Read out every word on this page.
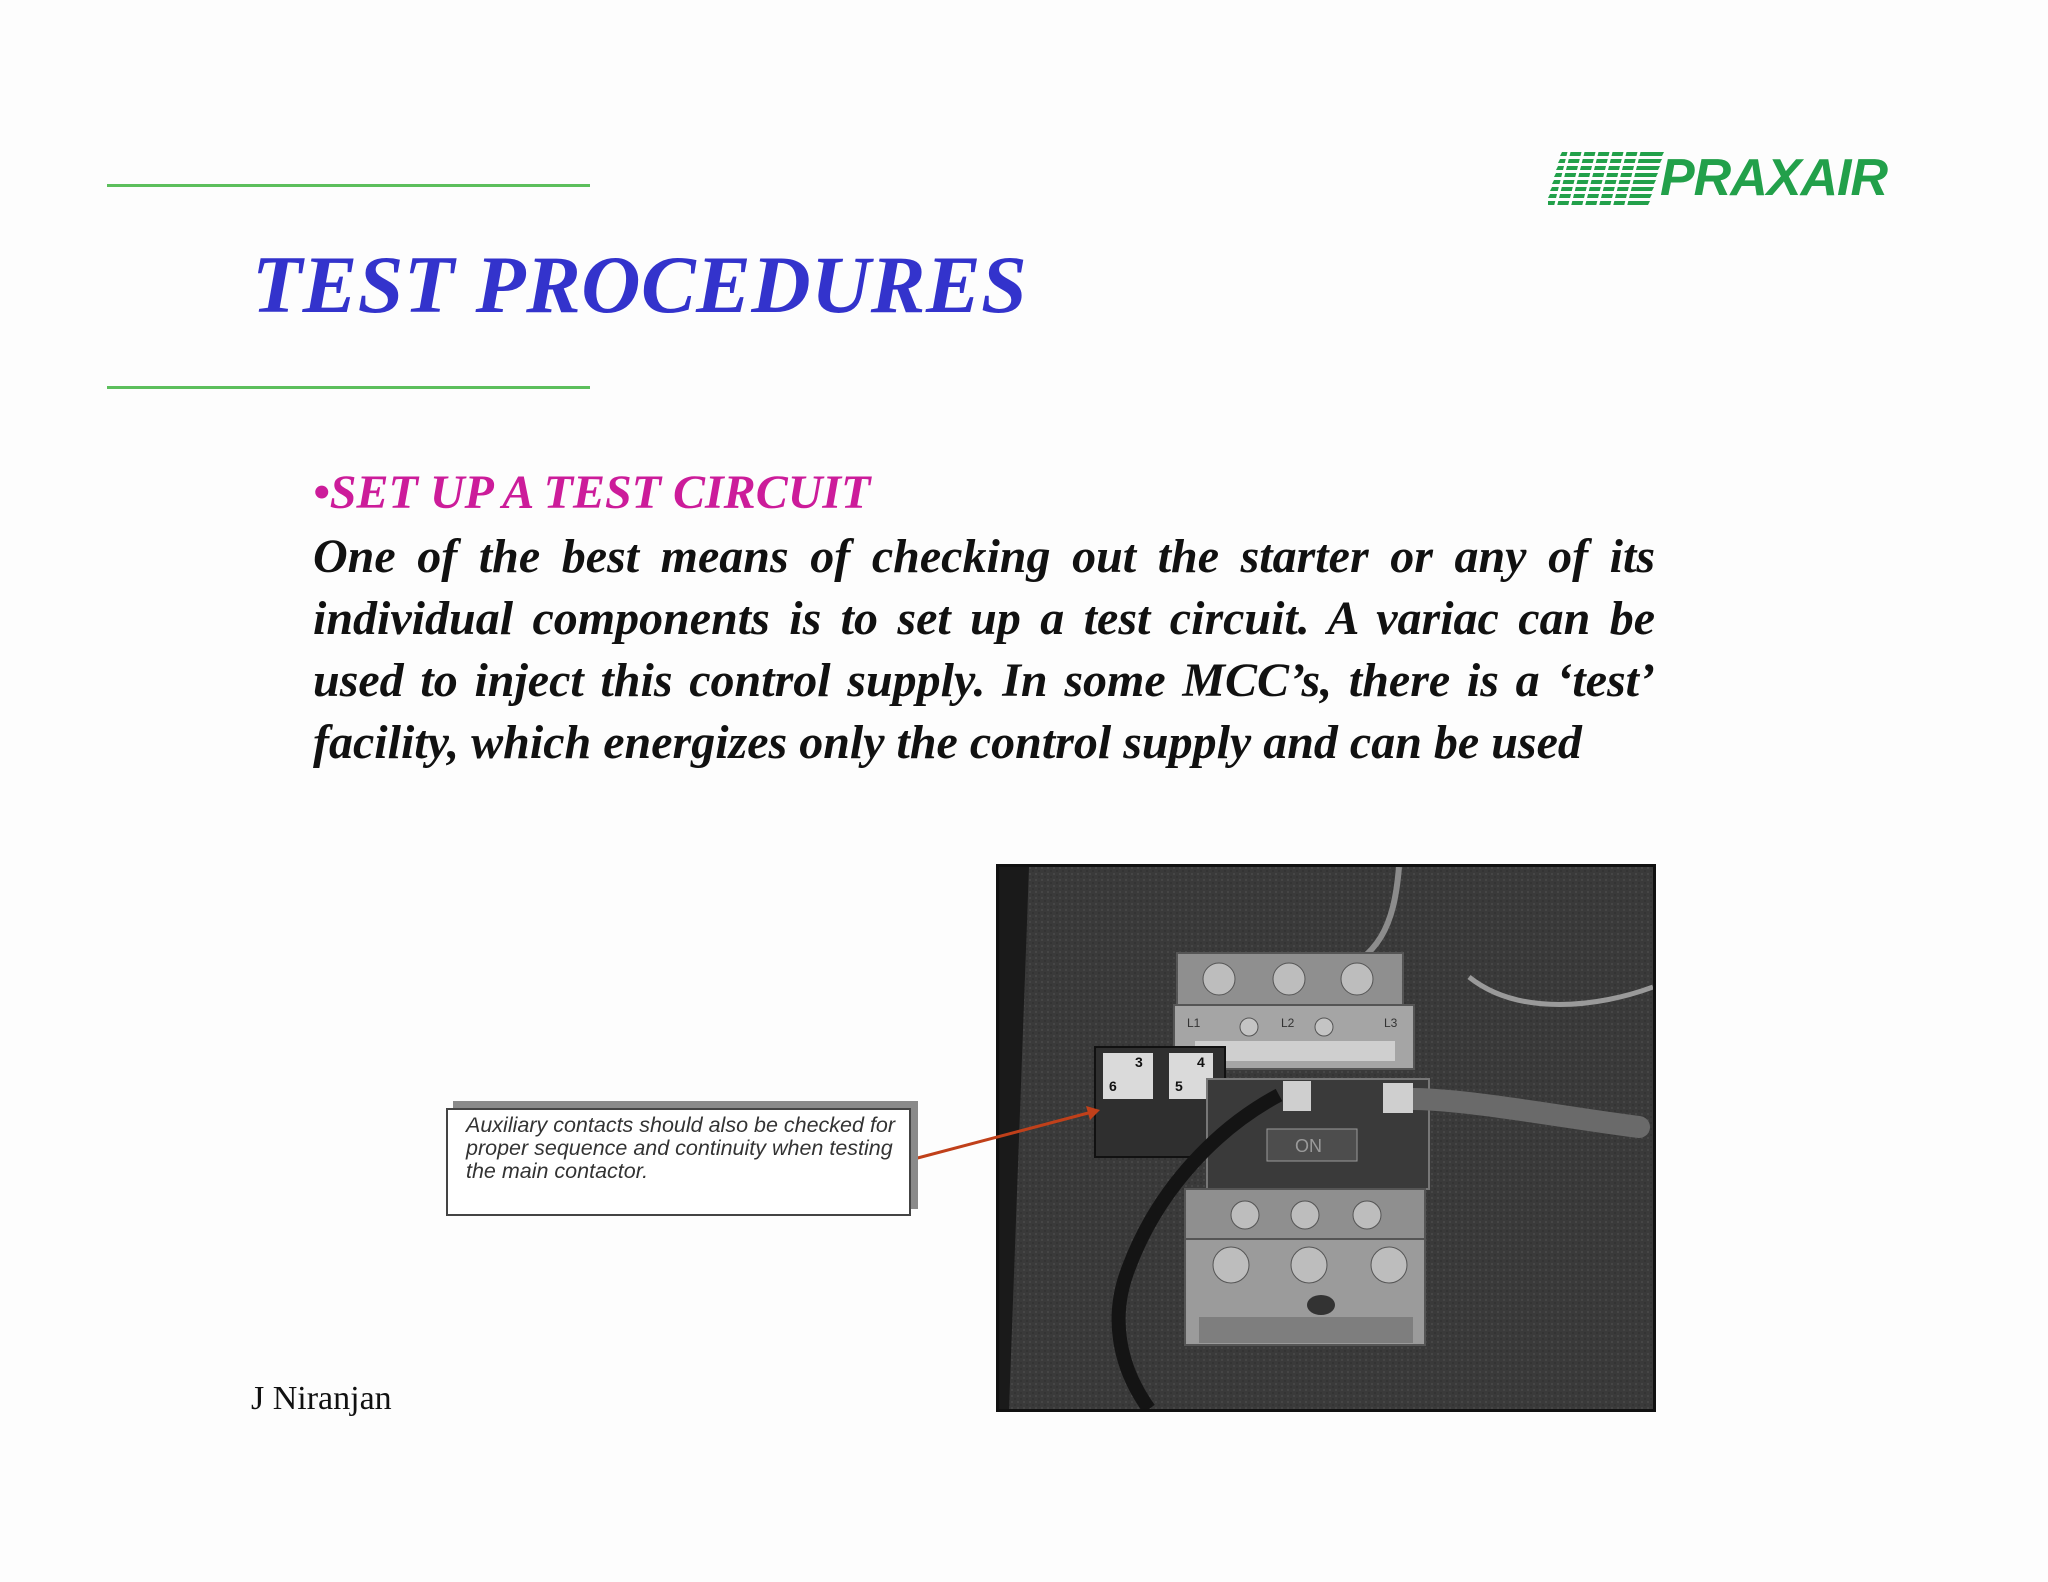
TEST PROCEDURES
PRAXAIR
•SET UP A TEST CIRCUIT
One of the best means of checking out the starter or any of its individual components is to set up a test circuit. A variac can be used to inject this control supply. In some MCC’s, there is a ‘test’ facility, which energizes only the control supply and can be used
L1	L2	L3
6
3
5
4
ON
Auxiliary contacts should also be checked for proper sequence and continuity when testing the main contactor.
J Niranjan
